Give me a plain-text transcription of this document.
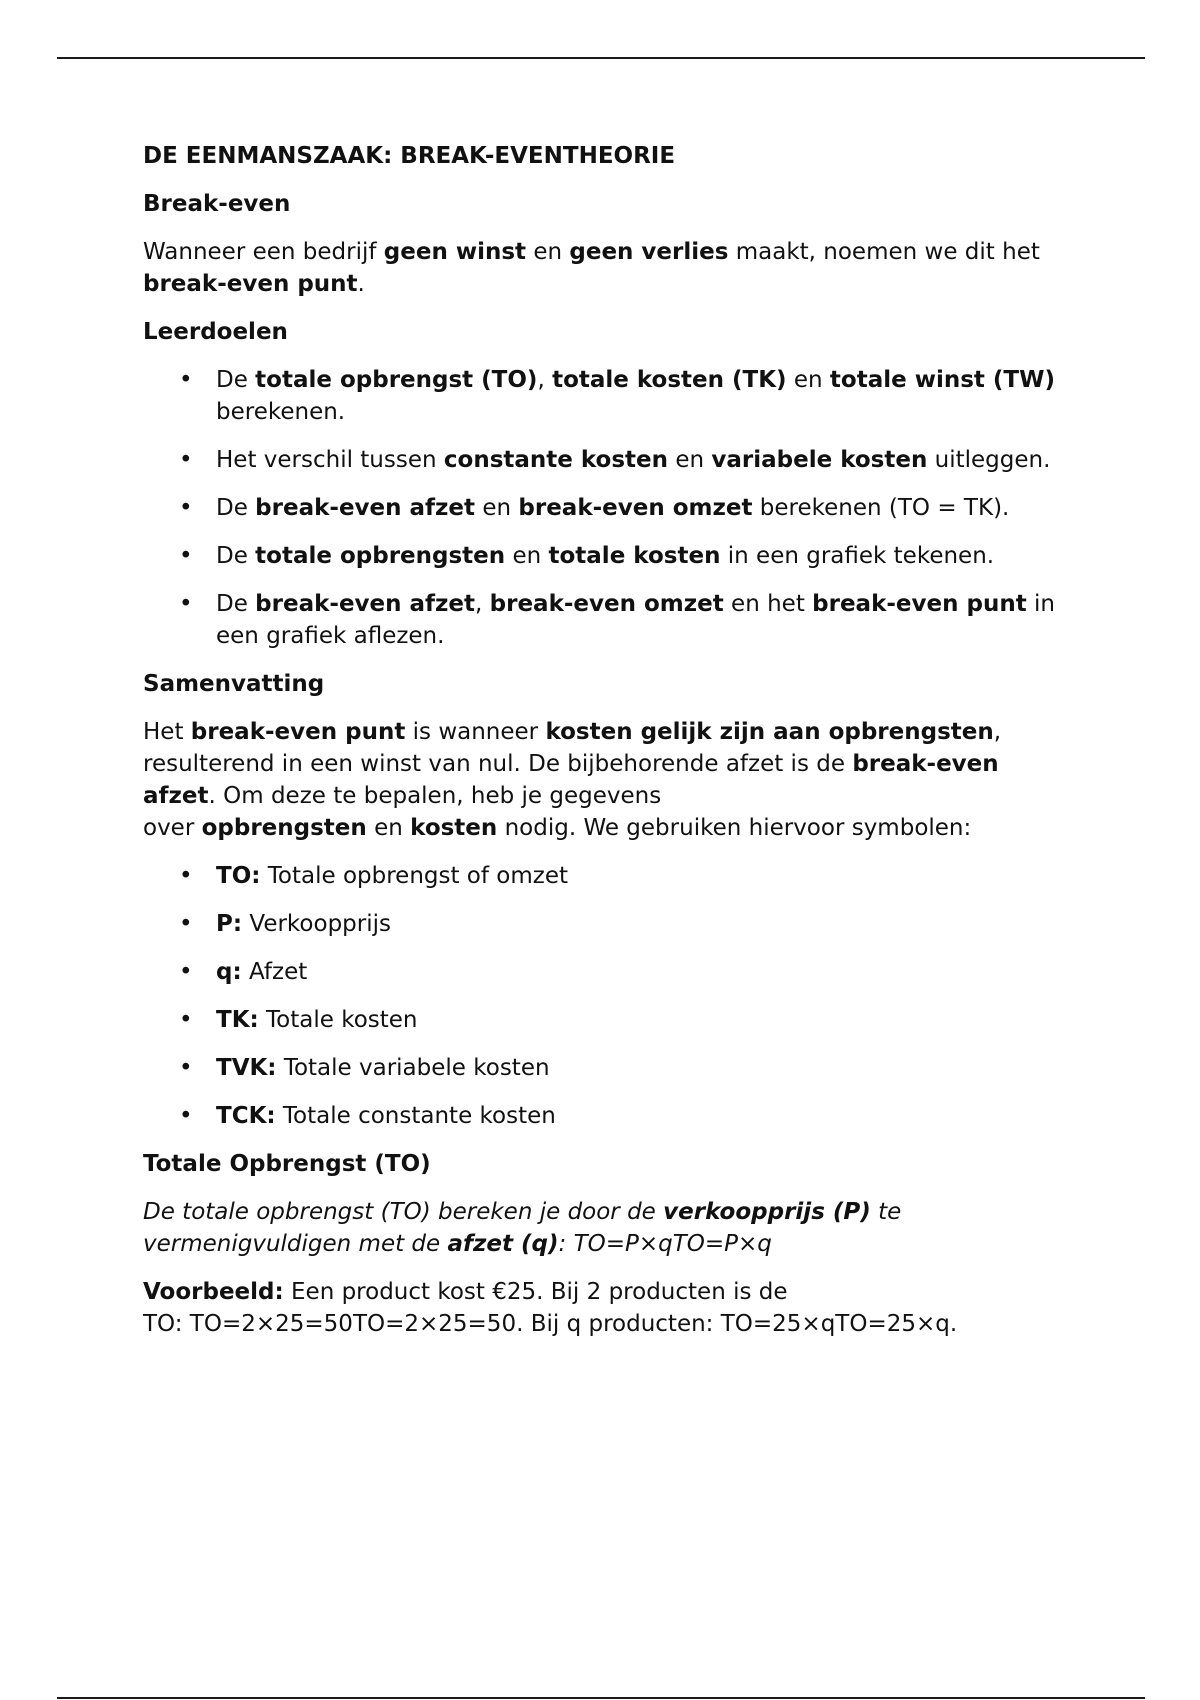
DE EENMANSZAAK: BREAK-EVENTHEORIE
Break-even

Wanneer een bedrijf geen winst en geen verlies maakt, noemen we dit het
break-even punt.

Leerdoelen
• De totale opbrengst (TO), totale kosten (TK) en totale winst (TW) berekenen.
• Het verschil tussen constante kosten en variabele kosten uitleggen.
• De break-even afzet en break-even omzet berekenen (TO = TK).
• De totale opbrengsten en totale kosten in een grafiek tekenen.
• De break-even afzet, break-even omzet en het break-even punt in een grafiek aflezen.
Samenvatting

Het break-even punt is wanneer kosten gelijk zijn aan opbrengsten, resulterend in een winst van nul. De bijbehorende afzet is de break-even afzet. Om deze te bepalen, heb je gegevens
over opbrengsten en kosten nodig. We gebruiken hiervoor symbolen:

• TO: Totale opbrengst of omzet
• P: Verkoopprijs
• q: Afzet
• TK: Totale kosten
• TVK: Totale variabele kosten
• TCK: Totale constante kosten
Totale Opbrengst (TO)

De totale opbrengst (TO) bereken je door de verkoopprijs (P) te vermenigvuldigen met de afzet (q): TO=P×qTO=P×q

Voorbeeld: Een product kost €25. Bij 2 producten is de
TO: TO=2×25=50TO=2×25=50. Bij q producten: TO=25×qTO=25×q.
